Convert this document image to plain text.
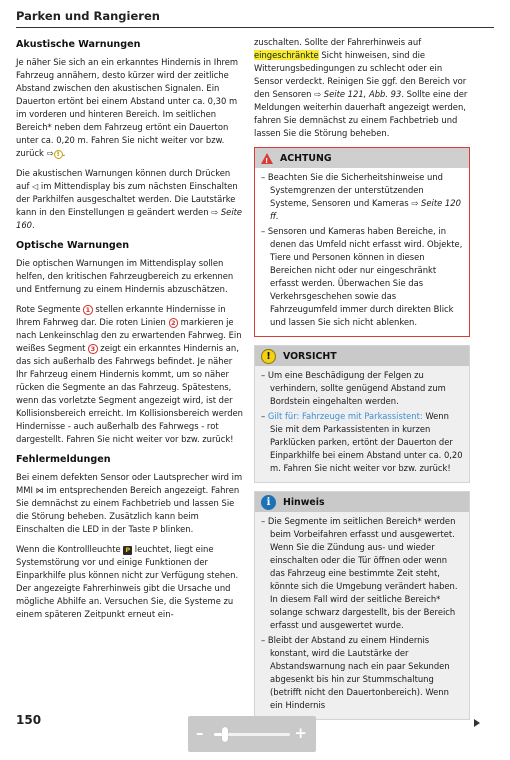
Parken und Rangieren
Akustische Warnungen

Je näher Sie sich an ein erkanntes Hindernis in Ihrem Fahrzeug annähern, desto kürzer wird der zeitliche Abstand zwischen den akustischen Signalen. Ein Dauerton ertönt bei einem Abstand unter ca. 0,30 m im vorderen und hinteren Bereich. Im seitlichen Bereich* neben dem Fahrzeug ertönt ein Dauerton unter ca. 0,20 m. Fahren Sie nicht weiter vor bzw. zurück ⇨ ! .

Die akustischen Warnungen können durch Drücken auf ◁ im Mittendisplay bis zum nächsten Einschalten der Parkhilfen ausgeschaltet werden. Die Lautstärke kann in den Einstellungen ⊟ geändert werden ⇨ Seite 160.

Optische Warnungen

Die optischen Warnungen im Mittendisplay sollen helfen, den kritischen Fahrzeugbereich zu erkennen und Entfernung zu einem Hindernis abzuschätzen.

Rote Segmente 1 stellen erkannte Hindernisse in Ihrem Fahrweg dar. Die roten Linien 2 markieren je nach Lenkeinschlag den zu erwartenden Fahrweg. Ein weißes Segment 3 zeigt ein erkanntes Hindernis an, das sich außerhalb des Fahrwegs befindet. Je näher Ihr Fahrzeug einem Hindernis kommt, um so näher rücken die Segmente an das Fahrzeug. Spätestens, wenn das vorletzte Segment angezeigt wird, ist der Kollisionsbereich erreicht. Im Kollisionsbereich werden Hindernisse - auch außerhalb des Fahrwegs - rot dargestellt. Fahren Sie nicht weiter vor bzw. zurück!

Fehlermeldungen

Bei einem defekten Sensor oder Lautsprecher wird im MMI ⋈ im entsprechenden Bereich angezeigt. Fahren Sie demnächst zu einem Fachbetrieb und lassen Sie die Störung beheben. Zusätzlich kann beim Einschalten die LED in der Taste P blinken.

Wenn die Kontrollleuchte P leuchtet, liegt eine Systemstörung vor und einige Funktionen der Einparkhilfe plus können nicht zur Verfügung stehen. Der angezeigte Fahrerhinweis gibt die Ursache und mögliche Abhilfe an. Versuchen Sie, die Systeme zu einem späteren Zeitpunkt erneut ein-

zuschalten. Sollte der Fahrerhinweis auf eingeschränkte Sicht hinweisen, sind die Witterungsbedingungen zu schlecht oder ein Sensor verdeckt. Reinigen Sie ggf. den Bereich vor den Sensoren ⇨ Seite 121, Abb. 93. Sollte eine der Meldungen weiterhin dauerhaft angezeigt werden, fahren Sie demnächst zu einem Fachbetrieb und lassen Sie die Störung beheben.

! ACHTUNG
– Beachten Sie die Sicherheitshinweise und Systemgrenzen der unterstützenden Systeme, Sensoren und Kameras ⇨ Seite 120 ff.
– Sensoren und Kameras haben Bereiche, in denen das Umfeld nicht erfasst wird. Objekte, Tiere und Personen können in diesen Bereichen nicht oder nur eingeschränkt erfasst werden. Überwachen Sie das Verkehrsgeschehen sowie das Fahrzeugumfeld immer durch direkten Blick und lassen Sie sich nicht ablenken.
!	VORSICHT
– Um eine Beschädigung der Felgen zu verhindern, sollte genügend Abstand zum Bordstein eingehalten werden.
– Gilt für: Fahrzeuge mit Parkassistent: Wenn Sie mit dem Parkassistenten in kurzen Parklücken parken, ertönt der Dauerton der Einparkhilfe bei einem Abstand unter ca. 0,20 m. Fahren Sie nicht weiter vor bzw. zurück!
i	Hinweis
– Die Segmente im seitlichen Bereich* werden beim Vorbeifahren erfasst und ausgewertet. Wenn Sie die Zündung aus- und wieder einschalten oder die Tür öffnen oder wenn das Fahrzeug eine bestimmte Zeit steht, könnte sich die Umgebung verändert haben. In diesem Fall wird der seitliche Bereich* solange schwarz dargestellt, bis der Bereich erfasst und ausgewertet wurde.
– Bleibt der Abstand zu einem Hindernis konstant, wird die Lautstärke der Abstandswarnung nach ein paar Sekunden abgesenkt bis hin zur Stummschaltung (betrifft nicht den Dauertonbereich). Wenn ein Hindernis
150
–	+
